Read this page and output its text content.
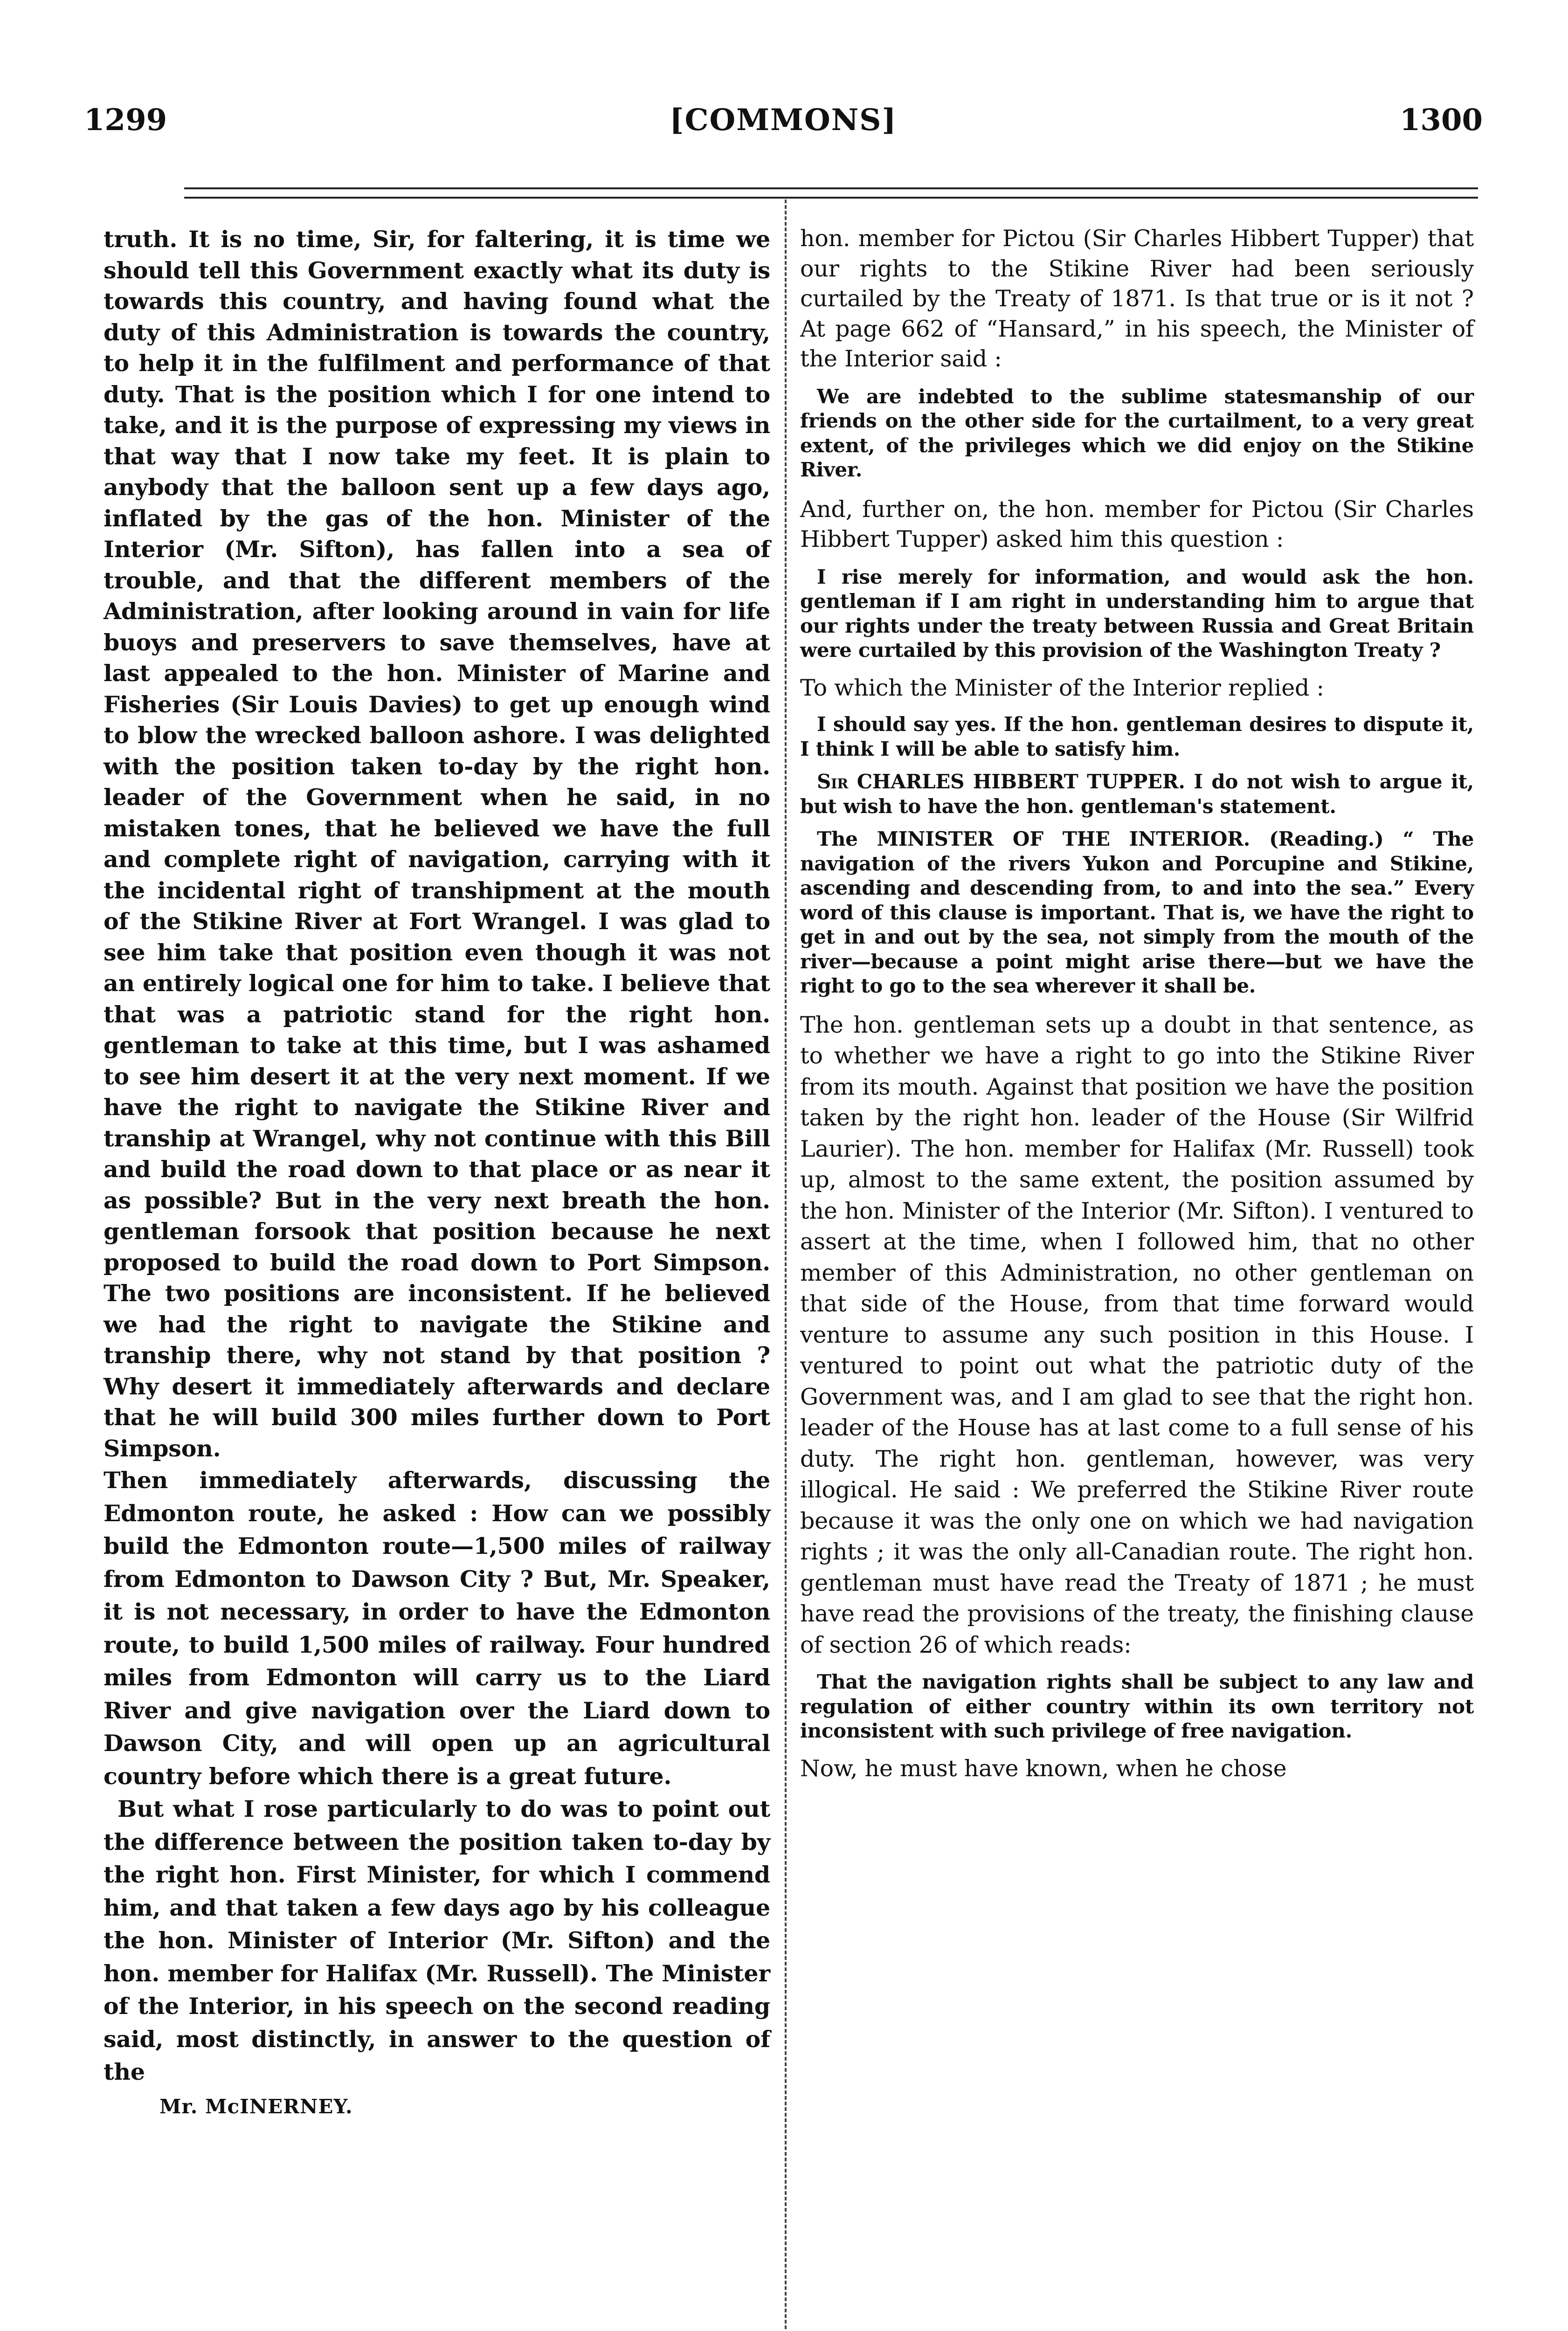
1299	[COMMONS]	1300

truth. It is no time, Sir, for faltering, it is time we should tell this Government exactly what its duty is towards this country, and having found what the duty of this Administration is towards the country, to help it in the fulfilment and performance of that duty. That is the position which I for one intend to take, and it is the purpose of expressing my views in that way that I now take my feet. It is plain to anybody that the balloon sent up a few days ago, inflated by the gas of the hon. Minister of the Interior (Mr. Sifton), has fallen into a sea of trouble, and that the different members of the Administration, after looking around in vain for life buoys and preservers to save themselves, have at last appealed to the hon. Minister of Marine and Fisheries (Sir Louis Davies) to get up enough wind to blow the wrecked balloon ashore. I was delighted with the position taken to-day by the right hon. leader of the Government when he said, in no mistaken tones, that he believed we have the full and complete right of navigation, carrying with it the incidental right of transhipment at the mouth of the Stikine River at Fort Wrangel. I was glad to see him take that position even though it was not an entirely logical one for him to take. I believe that that was a patriotic stand for the right hon. gentleman to take at this time, but I was ashamed to see him desert it at the very next moment. If we have the right to navigate the Stikine River and tranship at Wrangel, why not continue with this Bill and build the road down to that place or as near it as possible? But in the very next breath the hon. gentleman forsook that position because he next proposed to build the road down to Port Simpson. The two positions are inconsistent. If he believed we had the right to navigate the Stikine and tranship there, why not stand by that position ? Why desert it immediately afterwards and declare that he will build 300 miles further down to Port Simpson.

Then immediately afterwards, discussing the Edmonton route, he asked : How can we possibly build the Edmonton route—1,500 miles of railway from Edmonton to Dawson City ? But, Mr. Speaker, it is not necessary, in order to have the Edmonton route, to build 1,500 miles of railway. Four hundred miles from Edmonton will carry us to the Liard River and give navigation over the Liard down to Dawson City, and will open up an agricultural country before which there is a great future.

But what I rose particularly to do was to point out the difference between the position taken to-day by the right hon. First Minister, for which I commend him, and that taken a few days ago by his colleague the hon. Minister of Interior (Mr. Sifton) and the hon. member for Halifax (Mr. Russell). The Minister of the Interior, in his speech on the second reading said, most distinctly, in answer to the question of the

Mr. McINERNEY.

hon. member for Pictou (Sir Charles Hibbert Tupper) that our rights to the Stikine River had been seriously curtailed by the Treaty of 1871. Is that true or is it not ? At page 662 of “Hansard,” in his speech, the Minister of the Interior said :

We are indebted to the sublime statesmanship of our friends on the other side for the curtailment, to a very great extent, of the privileges which we did enjoy on the Stikine River.

And, further on, the hon. member for Pictou (Sir Charles Hibbert Tupper) asked him this question :

I rise merely for information, and would ask the hon. gentleman if I am right in understanding him to argue that our rights under the treaty between Russia and Great Britain were curtailed by this provision of the Washington Treaty ?

To which the Minister of the Interior replied :

I should say yes. If the hon. gentleman desires to dispute it, I think I will be able to satisfy him.

Sir CHARLES HIBBERT TUPPER. I do not wish to argue it, but wish to have the hon. gentleman's statement.

The MINISTER OF THE INTERIOR. (Reading.) “ The navigation of the rivers Yukon and Porcupine and Stikine, ascending and descending from, to and into the sea.” Every word of this clause is important. That is, we have the right to get in and out by the sea, not simply from the mouth of the river—because a point might arise there—but we have the right to go to the sea wherever it shall be.

The hon. gentleman sets up a doubt in that sentence, as to whether we have a right to go into the Stikine River from its mouth. Against that position we have the position taken by the right hon. leader of the House (Sir Wilfrid Laurier). The hon. member for Halifax (Mr. Russell) took up, almost to the same extent, the position assumed by the hon. Minister of the Interior (Mr. Sifton). I ventured to assert at the time, when I followed him, that no other member of this Administration, no other gentleman on that side of the House, from that time forward would venture to assume any such position in this House. I ventured to point out what the patriotic duty of the Government was, and I am glad to see that the right hon. leader of the House has at last come to a full sense of his duty. The right hon. gentleman, however, was very illogical. He said : We preferred the Stikine River route because it was the only one on which we had navigation rights ; it was the only all-Canadian route. The right hon. gentleman must have read the Treaty of 1871 ; he must have read the provisions of the treaty, the finishing clause of section 26 of which reads:

That the navigation rights shall be subject to any law and regulation of either country within its own territory not inconsistent with such privilege of free navigation.

Now, he must have known, when he chose
